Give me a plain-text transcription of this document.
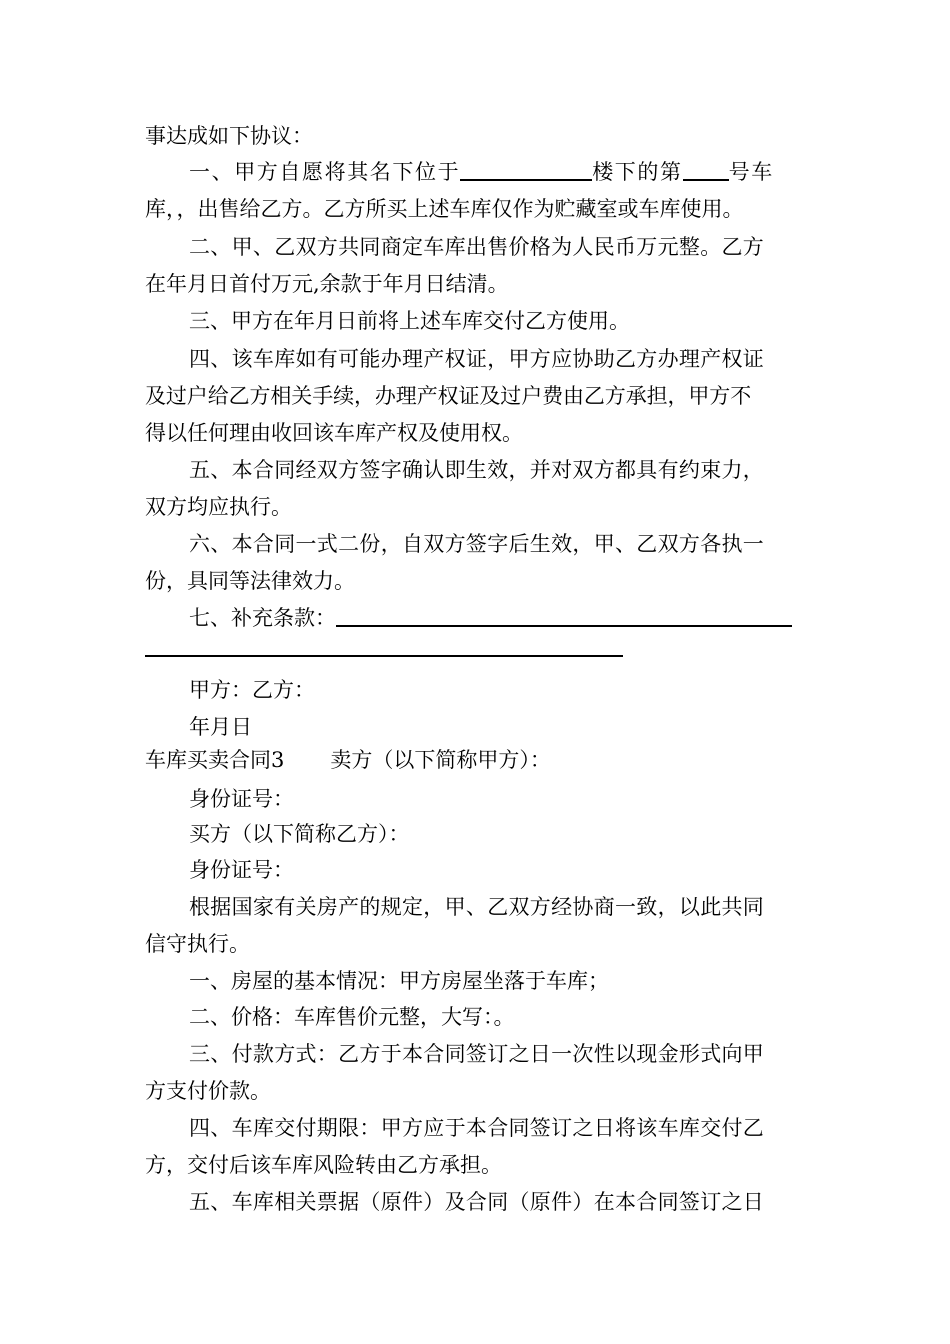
事达成如下协议：
一、甲方自愿将其名下位于	楼下的第 号车
库，，出售给乙方。乙方所买上述车库仅作为贮藏室或车库使用。
二、甲、乙双方共同商定车库出售价格为人民币万元整。乙方
在年月日首付万元,余款于年月日结清。
三、甲方在年月日前将上述车库交付乙方使用。
四、该车库如有可能办理产权证，甲方应协助乙方办理产权证
及过户给乙方相关手续，办理产权证及过户费由乙方承担，甲方不
得以任何理由收回该车库产权及使用权。
五、本合同经双方签字确认即生效，并对双方都具有约束力，
双方均应执行。
六、本合同一式二份，自双方签字后生效，甲、乙双方各执一
份，具同等法律效力。
七、补充条款：
甲方：乙方：
年月日
车库买卖合同3 卖方（以下简称甲方）：
身份证号：
买方（以下简称乙方）：
身份证号：
根据国家有关房产的规定，甲、乙双方经协商一致，以此共同
信守执行。
一、房屋的基本情况：甲方房屋坐落于车库；
二、价格：车库售价元整，大写：。
三、付款方式：乙方于本合同签订之日一次性以现金形式向甲
方支付价款。
四、车库交付期限：甲方应于本合同签订之日将该车库交付乙
方，交付后该车库风险转由乙方承担。
五、车库相关票据（原件）及合同（原件）在本合同签订之日
